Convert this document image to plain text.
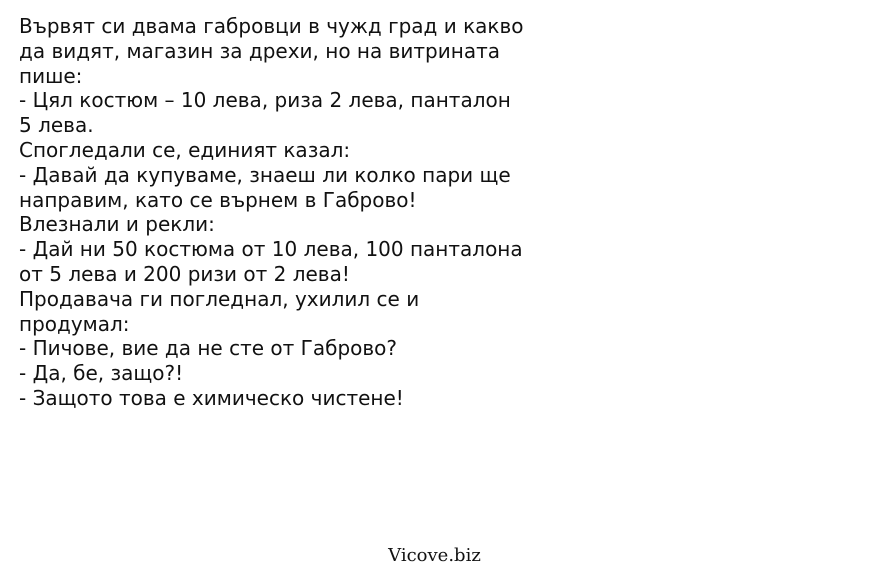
Вървят си двама габровци в чужд град и какво
да видят, магазин за дрехи, но на витрината
пише:
- Цял костюм – 10 лева, риза 2 лева, панталон
5 лева.
Спогледали се, единият казал:
- Давай да купуваме, знаеш ли колко пари ще
направим, като се върнем в Габрово!
Влезнали и рекли:
- Дай ни 50 костюма от 10 лева, 100 панталона
от 5 лева и 200 ризи от 2 лева!
Продавача ги погледнал, ухилил се и
продумал:
- Пичове, вие да не сте от Габрово?
- Да, бе, защо?!
- Защото това е химическо чистене!
Vicove.biz
